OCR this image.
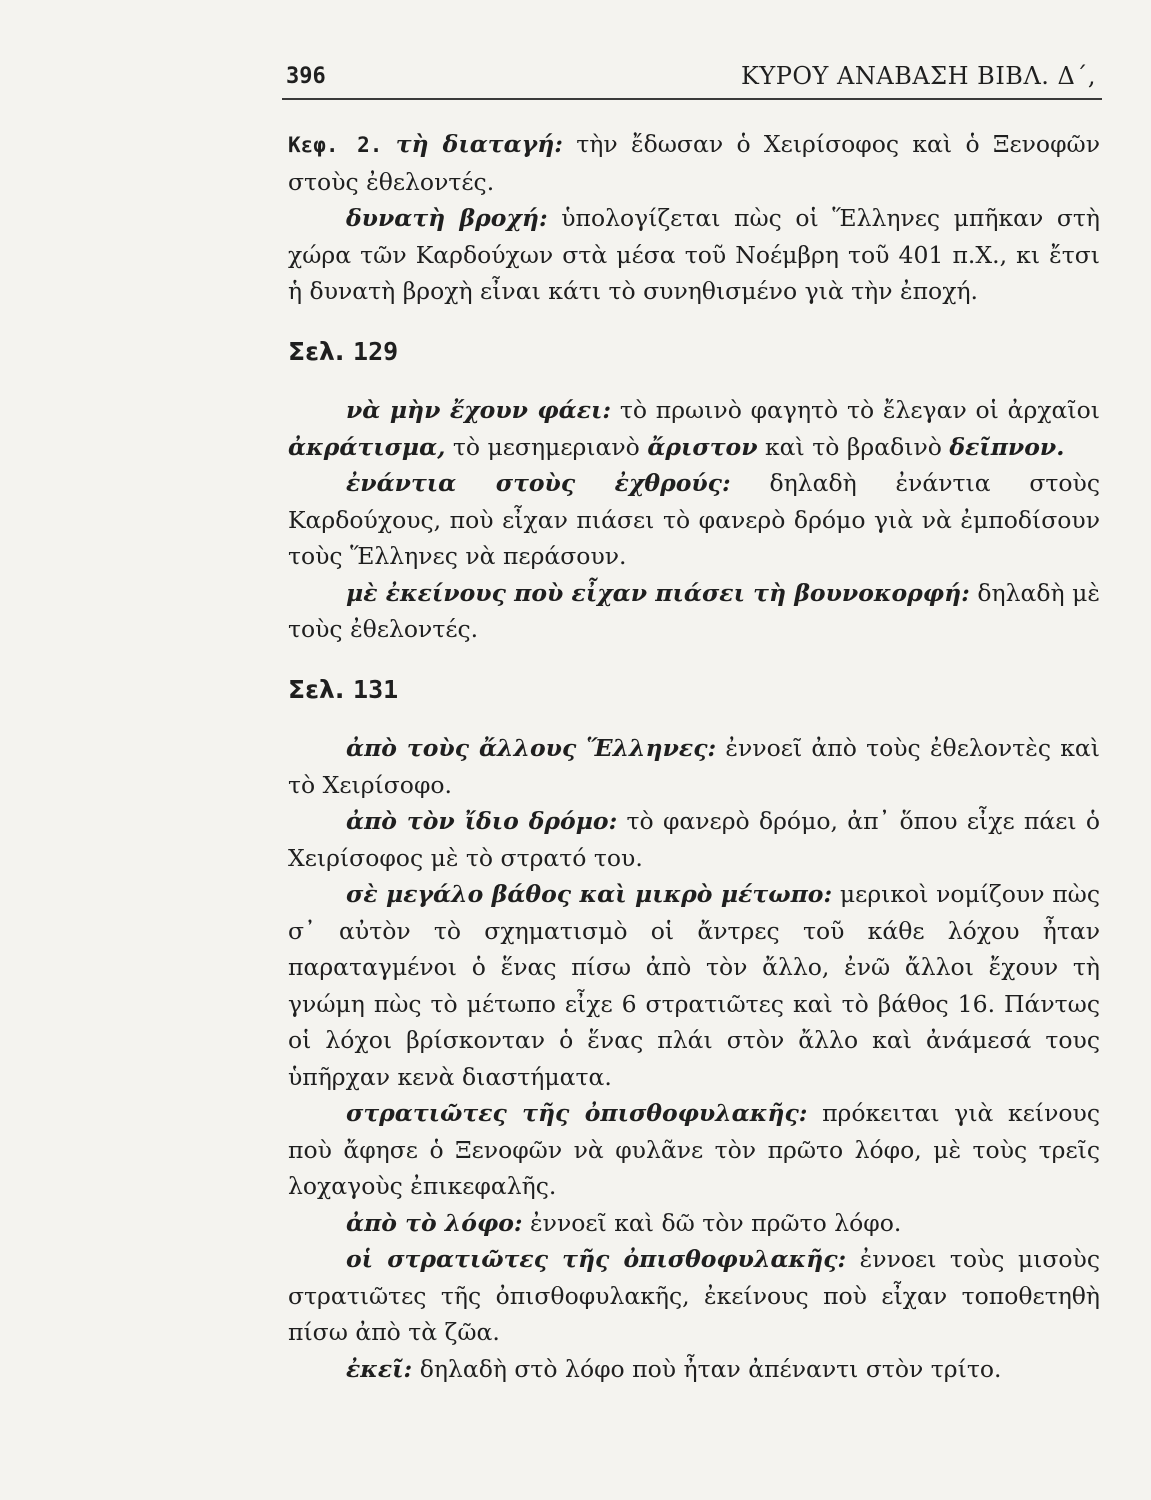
396	ΚΥΡΟΥ ΑΝΑΒΑΣΗ ΒΙΒΛ. Δ΄,

Κεφ. 2. τὴ διαταγή: τὴν ἔδωσαν ὁ Χειρίσοφος καὶ ὁ Ξενοφῶν στοὺς ἐθελοντές.

δυνατὴ βροχή: ὑπολογίζεται πὼς οἱ Ἕλληνες μπῆκαν στὴ χώρα τῶν Καρδούχων στὰ μέσα τοῦ Νοέμβρη τοῦ 401 π.Χ., κι ἔτσι ἡ δυνατὴ βροχὴ εἶναι κάτι τὸ συνηθισμένο γιὰ τὴν ἐποχή.

Σελ. 129

νὰ μὴν ἔχουν φάει: τὸ πρωινὸ φαγητὸ τὸ ἔλεγαν οἱ ἀρχαῖοι ἀκράτισμα, τὸ μεσημεριανὸ ἄριστον καὶ τὸ βραδινὸ δεῖπνον.

ἐνάντια στοὺς ἐχθρούς: δηλαδὴ ἐνάντια στοὺς Καρδούχους, ποὺ εἶχαν πιάσει τὸ φανερὸ δρόμο γιὰ νὰ ἐμποδίσουν τοὺς Ἕλληνες νὰ περάσουν.

μὲ ἐκείνους ποὺ εἶχαν πιάσει τὴ βουνοκορφή: δηλαδὴ μὲ τοὺς ἐθελοντές.

Σελ. 131

ἀπὸ τοὺς ἄλλους Ἕλληνες: ἐννοεῖ ἀπὸ τοὺς ἐθελοντὲς καὶ τὸ Χειρίσοφο.

ἀπὸ τὸν ἴδιο δρόμο: τὸ φανερὸ δρόμο, ἀπ᾿ ὅπου εἶχε πάει ὁ Χειρίσοφος μὲ τὸ στρατό του.

σὲ μεγάλο βάθος καὶ μικρὸ μέτωπο: μερικοὶ νομίζουν πὼς σ᾿ αὐτὸν τὸ σχηματισμὸ οἱ ἄντρες τοῦ κάθε λόχου ἦταν παραταγμένοι ὁ ἕνας πίσω ἀπὸ τὸν ἄλλο, ἐνῶ ἄλλοι ἔχουν τὴ γνώμη πὼς τὸ μέτωπο εἶχε 6 στρατιῶτες καὶ τὸ βάθος 16. Πάντως οἱ λόχοι βρίσκονταν ὁ ἕνας πλάι στὸν ἄλλο καὶ ἀνάμεσά τους ὑπῆρχαν κενὰ διαστήματα.

στρατιῶτες τῆς ὀπισθοφυλακῆς: πρόκειται γιὰ κείνους ποὺ ἄφησε ὁ Ξενοφῶν νὰ φυλᾶνε τὸν πρῶτο λόφο, μὲ τοὺς τρεῖς λοχαγοὺς ἐπικεφαλῆς.

ἀπὸ τὸ λόφο: ἐννοεῖ καὶ δῶ τὸν πρῶτο λόφο.

οἱ στρατιῶτες τῆς ὀπισθοφυλακῆς: ἐννοει τοὺς μισοὺς στρατιῶτες τῆς ὀπισθοφυλακῆς, ἐκείνους ποὺ εἶχαν τοποθετηθὴ πίσω ἀπὸ τὰ ζῶα.

ἐκεῖ: δηλαδὴ στὸ λόφο ποὺ ἦταν ἀπέναντι στὸν τρίτο.
